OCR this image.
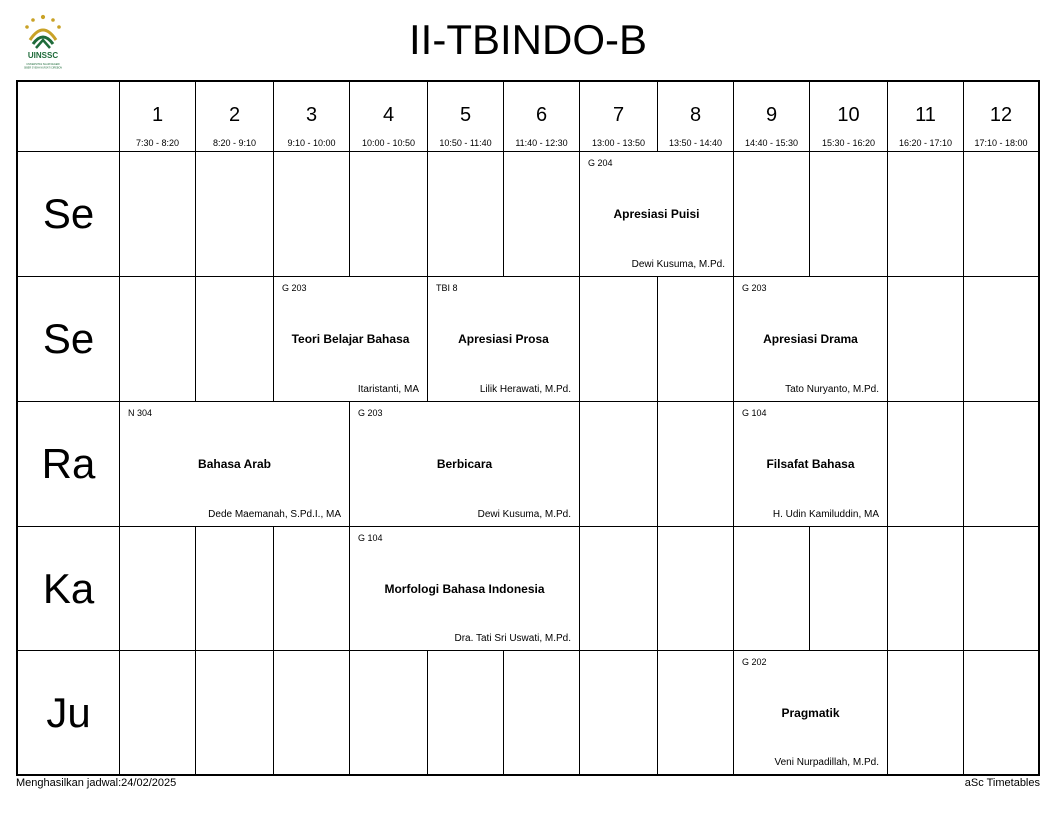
UINSSC
UNIVERSITAS ISLAM NEGERI
SIBER SYEKH NURJATI CIREBON
II-TBINDO-B
1
7:30 - 8:20
2
8:20 - 9:10
3
9:10 - 10:00
4
10:00 - 10:50
5
10:50 - 11:40
6
11:40 - 12:30
7
13:00 - 13:50
8
13:50 - 14:40
9
14:40 - 15:30
10
15:30 - 16:20
11
16:20 - 17:10
12
17:10 - 18:00
Se
Se
Ra
Ka
Ju
G 204
Apresiasi Puisi
Dewi Kusuma, M.Pd.
G 203
Teori Belajar Bahasa
Itaristanti, MA
TBI 8
Apresiasi Prosa
Lilik Herawati, M.Pd.
G 203
Apresiasi Drama
Tato Nuryanto, M.Pd.
N 304
Bahasa Arab
Dede Maemanah, S.Pd.I., MA
G 203
Berbicara
Dewi Kusuma, M.Pd.
G 104
Filsafat Bahasa
H. Udin Kamiluddin, MA
G 104
Morfologi Bahasa Indonesia
Dra. Tati Sri Uswati, M.Pd.
G 202
Pragmatik
Veni Nurpadillah, M.Pd.
Menghasilkan jadwal:24/02/2025	aSc Timetables
